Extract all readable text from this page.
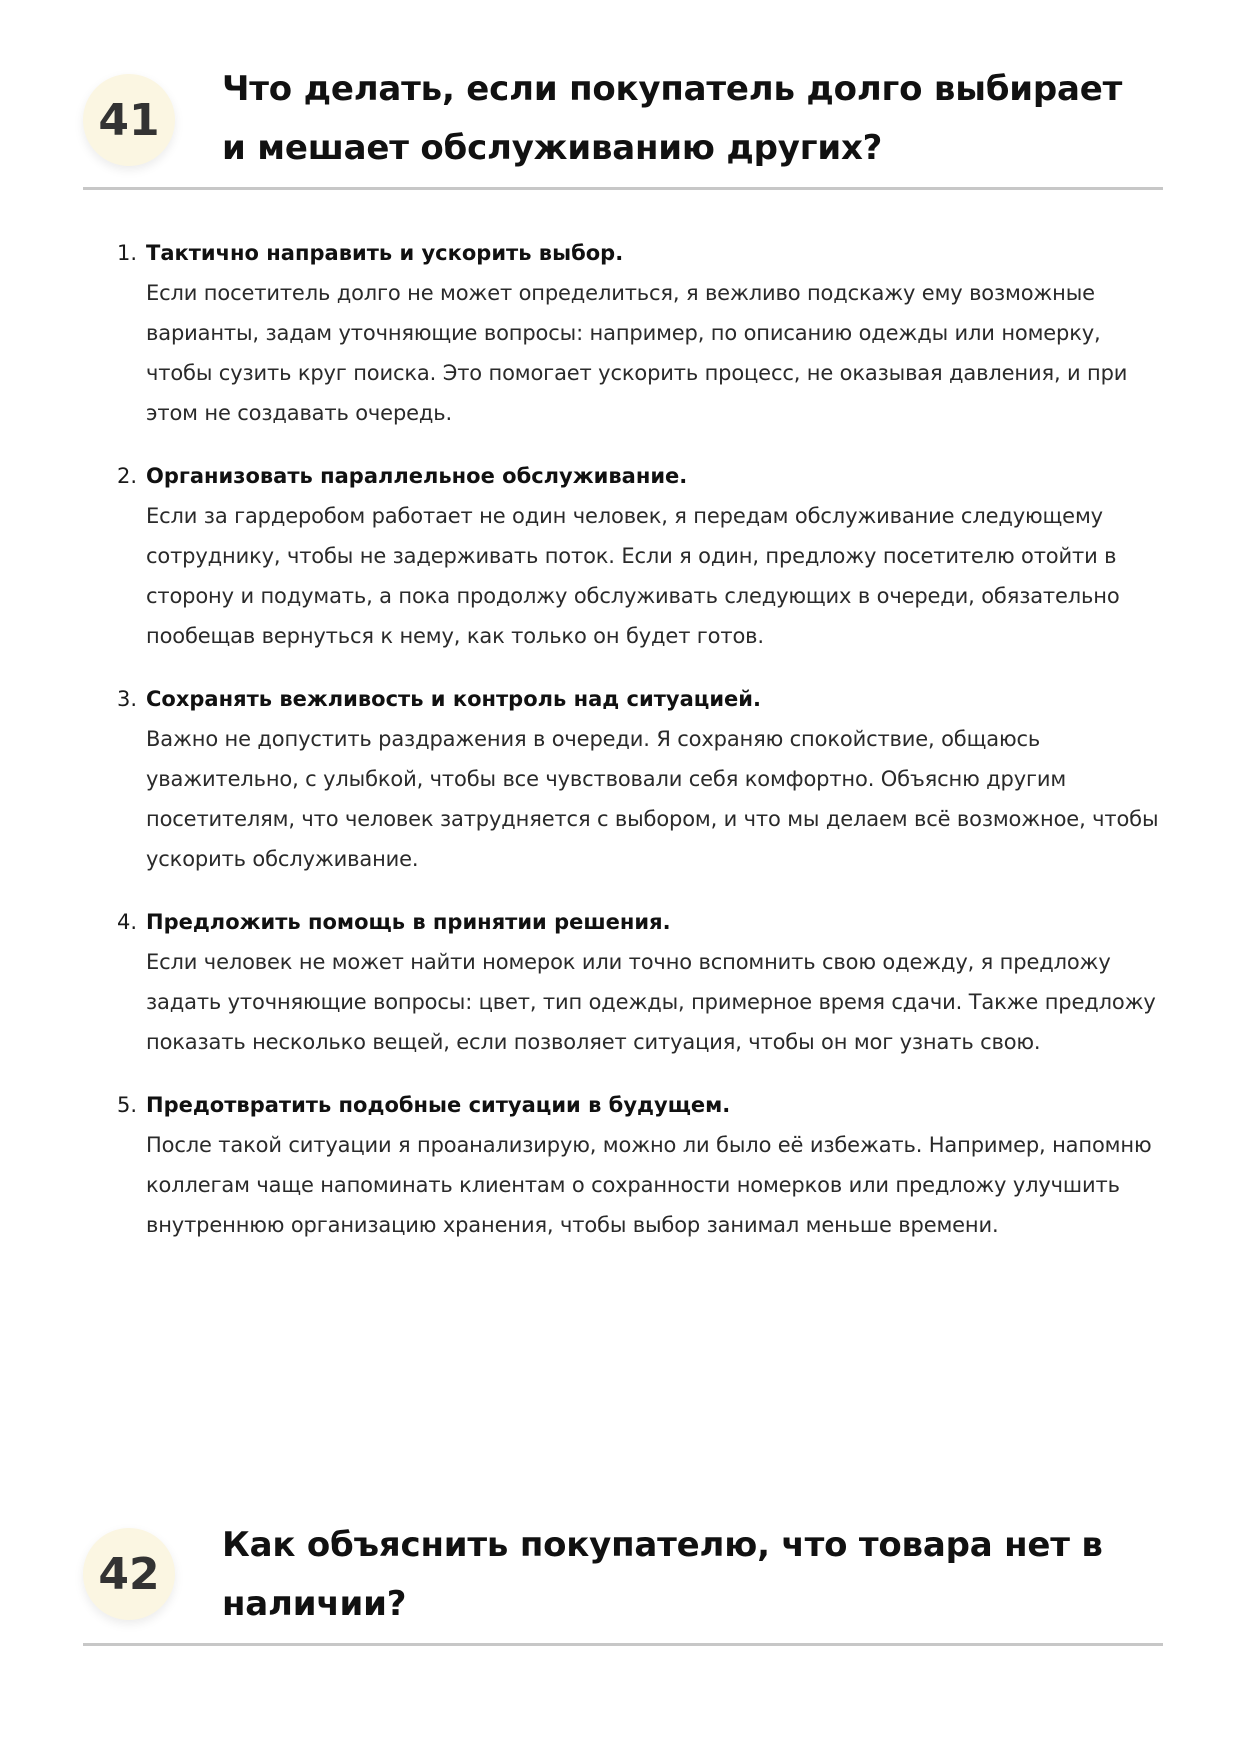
41
Что делать, если покупатель долго выбирает и мешает обслуживанию других?
1. Тактично направить и ускорить выбор.
Если посетитель долго не может определиться, я вежливо подскажу ему возможные варианты, задам уточняющие вопросы: например, по описанию одежды или номерку, чтобы сузить круг поиска. Это помогает ускорить процесс, не оказывая давления, и при этом не создавать очередь.
2. Организовать параллельное обслуживание.
Если за гардеробом работает не один человек, я передам обслуживание следующему сотруднику, чтобы не задерживать поток. Если я один, предложу посетителю отойти в сторону и подумать, а пока продолжу обслуживать следующих в очереди, обязательно пообещав вернуться к нему, как только он будет готов.
3. Сохранять вежливость и контроль над ситуацией.
Важно не допустить раздражения в очереди. Я сохраняю спокойствие, общаюсь уважительно, с улыбкой, чтобы все чувствовали себя комфортно. Объясню другим посетителям, что человек затрудняется с выбором, и что мы делаем всё возможное, чтобы ускорить обслуживание.
4. Предложить помощь в принятии решения.
Если человек не может найти номерок или точно вспомнить свою одежду, я предложу задать уточняющие вопросы: цвет, тип одежды, примерное время сдачи. Также предложу показать несколько вещей, если позволяет ситуация, чтобы он мог узнать свою.
5. Предотвратить подобные ситуации в будущем.
После такой ситуации я проанализирую, можно ли было её избежать. Например, напомню коллегам чаще напоминать клиентам о сохранности номерков или предложу улучшить внутреннюю организацию хранения, чтобы выбор занимал меньше времени.
42
Как объяснить покупателю, что товара нет в наличии?
